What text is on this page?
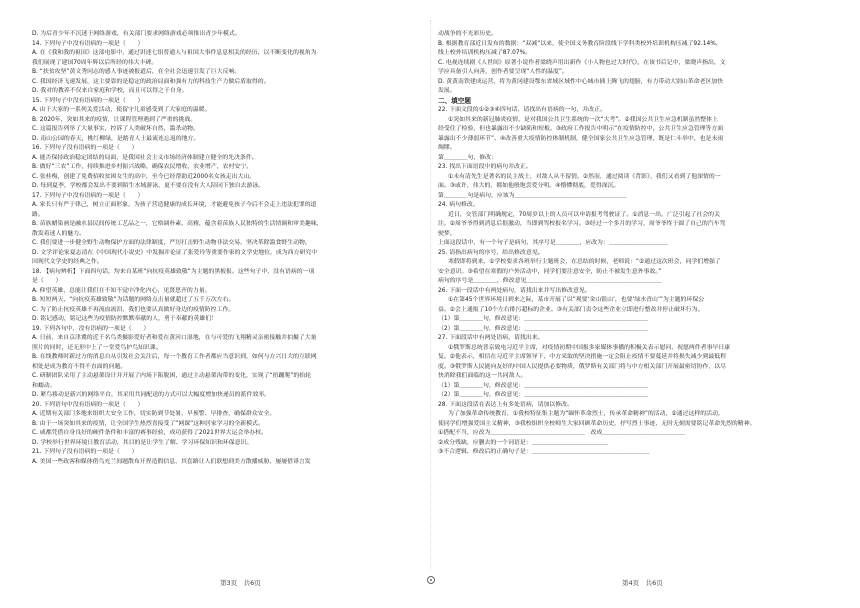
D. 为后青少年不沉迷于网络游戏，有关部门要求网络游戏必须推出青少年模式。
14. 下列句子中没有语病的一项是（　　）
A. 在《我和我的祖国》这部电影中，通过讲述七组普通人与祖国大事件息息相关的经历，以不断变化的视角为
我们展现了建国70周年辉以后所经的伟大丰碑。
B. “扶贫攻坚”黄文秀同志的感人事迹被报道后，在全社会迅速引发了巨大反响。
C. 我国经济飞速发展，这主要靠的是稳定的政治局面和强有力的科技生产力做后盾取得的。
D. 我对的教养不仅来自家庭和学校，而且可以得之于自身。
15. 下列句子中没有语病的一项是（　　）
A. 由于大家的一系列关爱活动，使留守儿童感受到了大家庭的温暖。
B. 2020年，突如其来的疫情，让课程管理遇到了严重的挑战。
C. 这篇报告列举了大量事实，控诉了人类破坏自然，滥杀动物。
D. 南山公园的春天，桃红柳绿，是踏青人士最流连忘返的地方。
16. 下列句子没有语病的一项是（　　）
A. 能否保持政治稳定团结的局面，是我国社会主义市场经济体制建立健全的先决条件。
B. 做好“三农”工作，持续推进乡村振兴战略，确保农民增收，农业增产，农村安宁。
C. 张桂梅，创建了免费招收贫困女生的高中，至今已经帮助近2000名女孩走出大山。
D. 每到夏季，学校都会发出不要到陌生水域游泳，更不要在没有大人陪同下独自去游泳。
17. 下列句子中没有语病的一项是（　　）
A. 家长只有严于律己，树立正面形象，为孩子营造健康的成长环境，才能避免孩子今后不会走上违法犯罪的道
路。
B. 苗族蜡染画是融水县民间传统工艺品之一，它格调朴素、高雅，蕴含着苗族人民独特的生活情调和审美趣味，
散发着迷人的魅力。
C. 我们要进一步健全野生动物保护方面的法律制度，严厉打击野生动物非法交易，坚决革除滥食野生动物。
D. 文学评论家夏志清在《中国现代小说史》中发掘并论证了张爱玲等重要作家的文学史地位，成为西方研究中
国现代文学史的经典之作。
18. 【病句辨析】下面四句话，均来自某班“向抗疫英雄致敬”为主题的黑板报。这些句子中，没有语病的一项
是（　　）
A. 仰望英雄，总能让我们在不知不觉中净化内心，见贤思齐的力量。
B. 短短两天，“向抗疫英雄致敬”为话题的网络点击量就超过了五千万次左右。
C. 为了防止抗疫英雄不再流血流泪，我们也要认真做好身边的疫情防控工作。
D. 铭记感动，铭记这些为疫情防控默默奉献的人，勇于奉献的英雄们！
19. 下列各句中，没有语病的一项是（　　）
A. 日前，来自京津冀的近千名鸟类摄影爱好者和爱在黄河口湿地，在与可爱的飞翔精灵亲密接触并拍摄了大量
照片的同时，还无形中上了一堂爱鸟护鸟知识课。
B. 在线教师时新过方的消息自从引发社会关注后，每一个教育工作者都应当意识到，如何与方兴日大的互联网
相处是成为教育不得不直面的问题。
C. 研制团队采用了主动悬架设计并开展了内场下陷脱困，通过主动悬架沟带的变化，实现了“扭蹦爬”的抬轮
和蠕动。
D. 紧鸟移动是新兴的网络平台，其采用共同配送的方式可以大幅度增加快递员的派件效率。
20. 下列语句中没有语病的一项是（　　）
A. 近期有关部门多地来组织大安全工作，切实防到节处暑、早预警、早排查，确保群众安全。
B. 由于一场突如其来的疫情，让全国学生热烈喜接受了“网课”这种居家学习的全新模式。
C. 咸都凭借自身良好的硬件条件和丰富的赛事经验，成功获得了2021世界大运会举办权。
D. 学校举行世界环境日教育活动，其目的是让学生了解、学习环保知识和环保意识。
21. 下列句子没有语病的一项是（　　）
A. 美国一些政客和媒体借鸟充兰间题散布开捏造假信息，其套路让人们联想到美方散播威胁、屡屡借诽言发
动战争的不光彩历史。
B. 根据教育部近日发布的数据：“双减”以来，使全国义务教育阶段线下学科类校外培训机构压减了92.14%，
线上校外培训机构压减了87.07%。
C. 电视连续剧《人世间》原著小说作者梁晓声用出新作《小人物也过大时代》，在该书后记中，梁晓声指出，文
学应具备引人向善，创作者要呈现“人性的温度”。
D. 黄黄南铁建成运营，将为黄冈建设鄂东省域区域性中心城市插上腾飞的翅膀，有力带动大别山革命老区加快
发展。
二、填空题
22. 下面文段的①②③④四句话，请找出有语病的一句，并改正。
①突如其来的新冠肺炎疫情，是对我国公共卫生系统的一次“大考”。②我国公共卫生应急机制虽然整体上
经受住了检验，但也暴露出不少缺陷和短板。③政府工作报告中明示“在疫情防控中，公共卫生应急管理等方面
暴露出不少薄弱环节”。④改善重大疫情防控体制机制，健全国家公共卫生应急管理，既是仁斗举中，也是未雨
绸缪。
第＿＿＿＿句，修改：
23. 找出下面语段中的病句并改正。
①未有清先生是著名的民主战士，对敌人从不留情。②然而，通过阅读《背影》，我们又看到了他深情的一
面。③或许，伟大的，都如他般饱尝爱分明。④懵懂彻底，爱得深沉。
第＿＿＿＿句是病句，应该为＿＿＿＿＿＿＿＿＿＿＿＿＿＿＿＿＿＿＿
24. 病句修改。
近日，交管部门明确规定，70周岁以上的人员可以申请报考驾驶证了。①消息一出，广泛引起了社会的关
注。②周爷爷得到消息后很激动，当即到驾校报名学习。③经过一个多月的学习，周爷爷终于圆了自己的汽车驾
驶梦。
上面这段话中，有一个句子是病句，其序号是＿＿＿＿，应改为：＿＿＿＿＿＿＿＿＿＿
25. 请指出病句的序号，给出修改意见。
寒假即将到来，①学校要求各班举行主题班会，在总结的时候，老师说：“②通过这次班会，同学们增强了
安全意识。③希望在寒假的户外活动中，同学们要注意安全，防止不被发生意外事故。”
病句的序号是＿＿＿＿，修改意见＿＿＿＿＿＿＿＿＿＿＿＿＿＿＿＿＿＿＿＿＿＿＿
26. 下面一段话中有两处病句，请找出来并写出修改意见。
①在第45个世界环境日到来之际，某市开展了以“观要‘金山银山’，也要‘绿水青山’”为主题的环保公
益。②会上通报了10个左右排污超标的企业。③有关部门责令这些企业立即进行整改并停止破坏行为。
（1）第＿＿＿＿句，修改意见：＿＿＿＿＿＿＿＿＿＿＿＿＿＿＿＿＿＿＿＿＿
（2）第＿＿＿＿句，修改意见：＿＿＿＿＿＿＿＿＿＿＿＿＿＿＿＿＿＿＿＿＿
27. 下面段话中有两处语病，请找出来。
①俄罗斯总统普京致电习近平主席，对疫情初期中国报多家媒体事播的积极关表示慰问，祝愿两件者事早日康
复。②他表示，相信在习近平主席领导下，中方采取的坚决措施一定会阻止疫情不要蔓延并将损失减少到最低程
度。③俄罗斯人民能向友好的中国人民提供必要物质，俄罗斯有关部门将与中方相关部门开展最密切协作，以尽
快消除我们面临的这一共同敌人。
（1）第＿＿＿＿句，修改意见：＿＿＿＿＿＿＿＿＿＿＿＿＿＿＿＿＿＿＿＿＿
（2）第＿＿＿＿句，修改意见：＿＿＿＿＿＿＿＿＿＿＿＿＿＿＿＿＿＿＿＿＿
28. 下面这段话在表达上有多处语病，请加以修改。
为了加强革命传统教育，①我校特征集主题为“缅怀革命烈士，传承革命精神”的活动，②通过这样的活动，
使同学们增强爱国主义精神，③我校组织全校师生大家回顾革命历史，抒写烈士事迹，无时无刻需要铭记革命先烈的精神。
①搭配不当，应改为＿＿＿＿＿＿＿＿＿＿＿＿＿＿＿＿　改成＿＿＿＿＿＿＿＿＿＿＿＿＿＿
②成分残缺，应删去的一个词语是：＿＿＿＿＿＿＿＿＿＿＿＿＿
③不合逻辑，修改后的正确句子是：＿＿＿＿＿＿＿＿＿＿＿＿＿＿＿＿＿＿＿＿
第3页　共6页	第4页　共6页
